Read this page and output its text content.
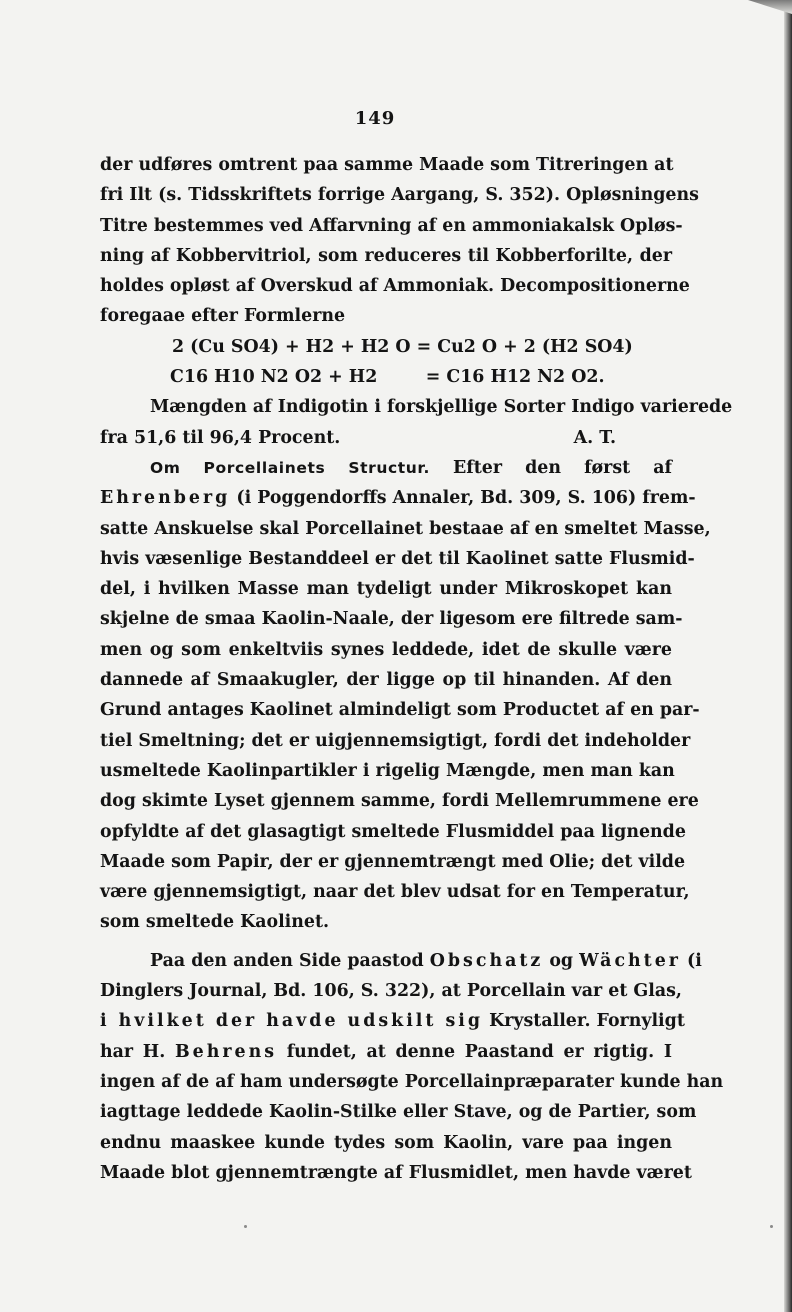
149
der udføres omtrent paa samme Maade som Titreringen at
fri Ilt (s. Tidsskriftets forrige Aargang, S. 352). Opløsningens
Titre bestemmes ved Affarvning af en ammoniakalsk Opløs-
ning af Kobbervitriol, som reduceres til Kobberforilte, der
holdes opløst af Overskud af Ammoniak. Decompositionerne
foregaae efter Formlerne
2 (Cu SO4) + H2 + H2 O = Cu2 O + 2 (H2 SO4)
C16 H10 N2 O2 + H2	= C16 H12 N2 O2.
Mængden af Indigotin i forskjellige Sorter Indigo varierede
fra 51,6 til 96,4 Procent.	A. T.
Om Porcellainets Structur. Efter den først af
Ehrenberg (i Poggendorffs Annaler, Bd. 309, S. 106) frem-
satte Anskuelse skal Porcellainet bestaae af en smeltet Masse,
hvis væsenlige Bestanddeel er det til Kaolinet satte Flusmid-
del, i hvilken Masse man tydeligt under Mikroskopet kan
skjelne de smaa Kaolin-Naale, der ligesom ere filtrede sam-
men og som enkeltviis synes leddede, idet de skulle være
dannede af Smaakugler, der ligge op til hinanden. Af den
Grund antages Kaolinet almindeligt som Productet af en par-
tiel Smeltning; det er uigjennemsigtigt, fordi det indeholder
usmeltede Kaolinpartikler i rigelig Mængde, men man kan
dog skimte Lyset gjennem samme, fordi Mellemrummene ere
opfyldte af det glasagtigt smeltede Flusmiddel paa lignende
Maade som Papir, der er gjennemtrængt med Olie; det vilde
være gjennemsigtigt, naar det blev udsat for en Temperatur,
som smeltede Kaolinet.
Paa den anden Side paastod Obschatz og Wächter (i
Dinglers Journal, Bd. 106, S. 322), at Porcellain var et Glas,
i hvilket der havde udskilt sig Krystaller. Fornyligt
har H. Behrens fundet, at denne Paastand er rigtig. I
ingen af de af ham undersøgte Porcellainpræparater kunde han
iagttage leddede Kaolin-Stilke eller Stave, og de Partier, som
endnu maaskee kunde tydes som Kaolin, vare paa ingen
Maade blot gjennemtrængte af Flusmidlet, men havde været
